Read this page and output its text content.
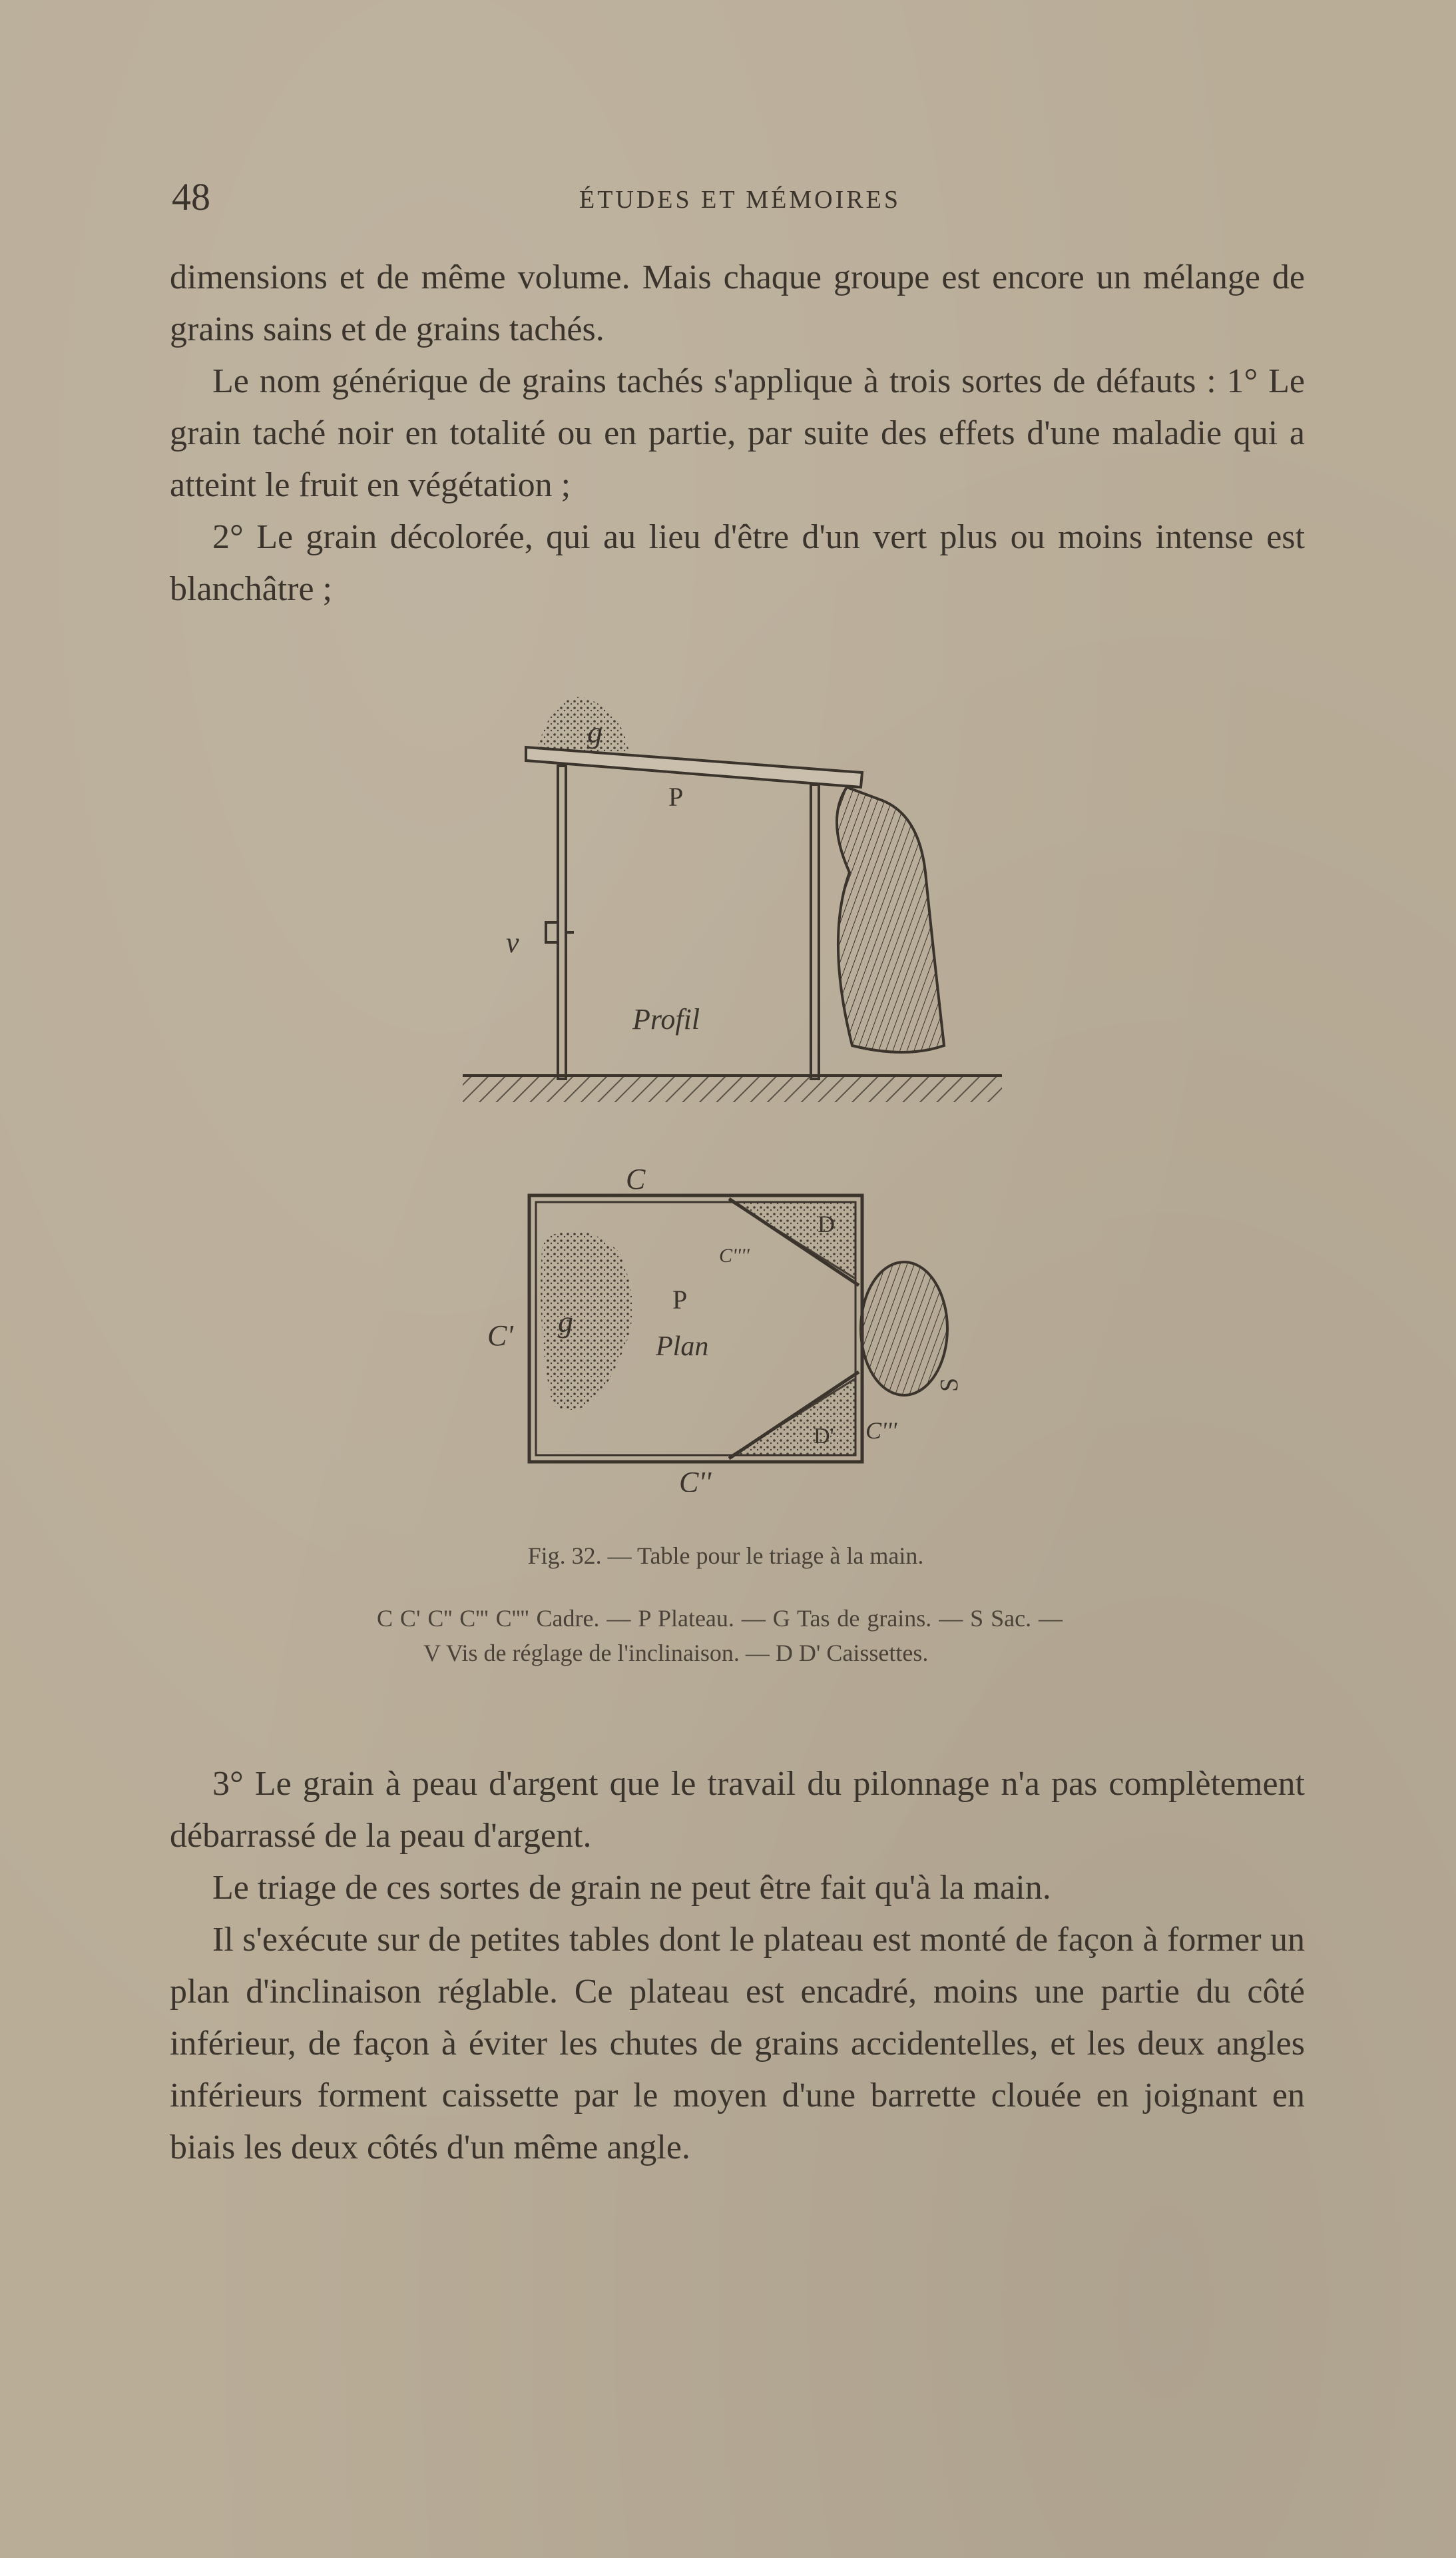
48	ÉTUDES ET MÉMOIRES

dimensions et de même volume. Mais chaque groupe est encore un mélange de grains sains et de grains tachés.

Le nom générique de grains tachés s'applique à trois sortes de défauts : 1° Le grain taché noir en totalité ou en partie, par suite des effets d'une maladie qui a atteint le fruit en végétation ;

2° Le grain décolorée, qui au lieu d'être d'un vert plus ou moins intense est blanchâtre ;

g
P
v
Profil
C
D
C''''
D'
g
P
Plan
S
C'
C'''
C''
Fig. 32. — Table pour le triage à la main.
C C' C'' C''' C'''' Cadre. — P Plateau. — G Tas de grains. — S Sac. — V Vis de réglage de l'inclinaison. — D D' Caissettes.

3° Le grain à peau d'argent que le travail du pilonnage n'a pas complètement débarrassé de la peau d'argent.

Le triage de ces sortes de grain ne peut être fait qu'à la main.

Il s'exécute sur de petites tables dont le plateau est monté de façon à former un plan d'inclinaison réglable. Ce plateau est encadré, moins une partie du côté inférieur, de façon à éviter les chutes de grains accidentelles, et les deux angles inférieurs forment caissette par le moyen d'une barrette clouée en joignant en biais les deux côtés d'un même angle.
